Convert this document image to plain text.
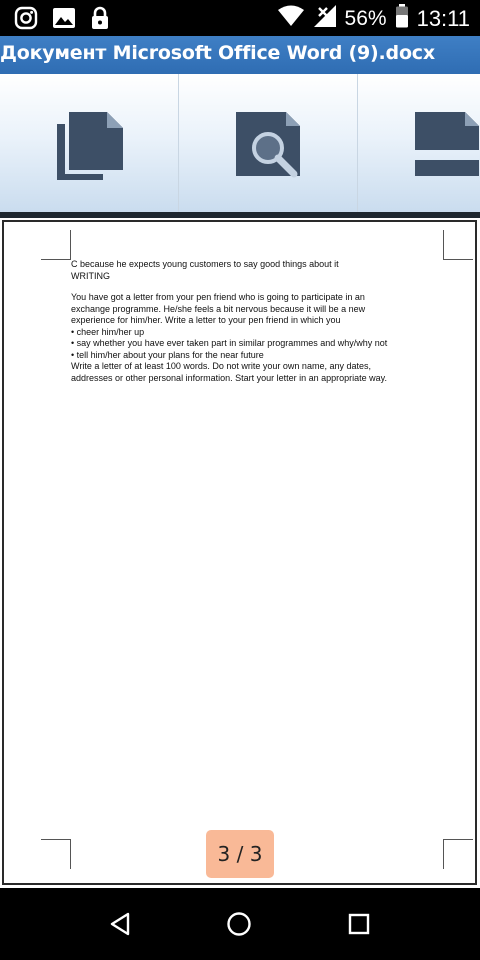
56% 13:11
Документ Microsoft Office Word (9).docx

C because he expects young customers to say good things about it

WRITING

You have got a letter from your pen friend who is going to participate in an exchange programme. He/she feels a bit nervous because it will be a new experience for him/her. Write a letter to your pen friend in which you

• cheer him/her up

• say whether you have ever taken part in similar programmes and why/why not

• tell him/her about your plans for the near future

Write a letter of at least 100 words. Do not write your own name, any dates, addresses or other personal information. Start your letter in an appropriate way.

3 / 3
